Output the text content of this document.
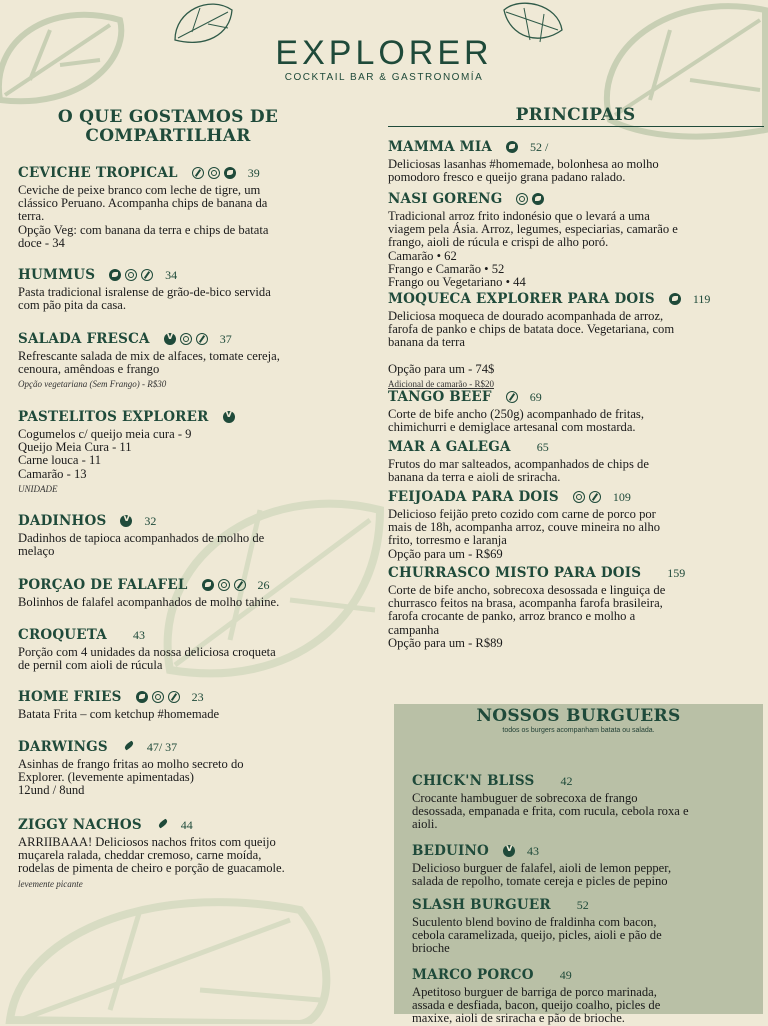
EXPLORER
COCKTAIL BAR & GASTRONOMÍA
O QUE GOSTAMOS DE COMPARTILHAR
CEVICHE TROPICAL	39
Ceviche de peixe branco com leche de tigre, um
clássico Peruano. Acompanha chips de banana da
terra.
Opção Veg: com banana da terra e chips de batata
doce - 34
HUMMUS	34
Pasta tradicional isralense de grão-de-bico servida
com pão pita da casa.
SALADA FRESCA v	37
Refrescante salada de mix de alfaces, tomate cereja,
cenoura, amêndoas e frango
Opção vegetariana (Sem Frango) - R$30
PASTELITOS EXPLORER
v
Cogumelos c/ queijo meia cura - 9
Queijo Meia Cura - 11
Carne louca - 11
Camarão - 13
UNIDADE
DADINHOS v	32
Dadinhos de tapioca acompanhados de molho de
melaço
PORÇAO DE FALAFEL	26
Bolinhos de falafel acompanhados de molho tahine.
CROQUETA 43
Porção com 4 unidades da nossa deliciosa croqueta
de pernil com aioli de rúcula
HOME FRIES	23
Batata Frita – com ketchup #homemade
DARWINGS	47/ 37
Asinhas de frango fritas ao molho secreto do
Explorer. (levemente apimentadas)
12und / 8und
ZIGGY NACHOS	44
ARRIIBAAA! Deliciosos nachos fritos com queijo
muçarela ralada, cheddar cremoso, carne moída,
rodelas de pimenta de cheiro e porção de guacamole.
levemente picante
PRINCIPAIS
MAMMA MIA	52 /
Deliciosas lasanhas #homemade, bolonhesa ao molho
pomodoro fresco e queijo grana padano ralado.
NASI GORENG
Tradicional arroz frito indonésio que o levará a uma
viagem pela Ásia. Arroz, legumes, especiarias, camarão e
frango, aioli de rúcula e crispi de alho poró.
Camarão • 62
Frango e Camarão • 52
Frango ou Vegetariano • 44
MOQUECA EXPLORER PARA DOIS	119
Deliciosa moqueca de dourado acompanhada de arroz,
farofa de panko e chips de batata doce. Vegetariana, com
banana da terra

Opção para um - 74$
Adicional de camarão - R$20
TANGO BEEF	69
Corte de bife ancho (250g) acompanhado de fritas,
chimichurri e demiglace artesanal com mostarda.
MAR A GALEGA 65
Frutos do mar salteados, acompanhados de chips de
banana da terra e aioli de sriracha.
FEIJOADA PARA DOIS	109
Delicioso feijão preto cozido com carne de porco por
mais de 18h, acompanha arroz, couve mineira no alho
frito, torresmo e laranja
Opção para um - R$69
CHURRASCO MISTO PARA DOIS 159
Corte de bife ancho, sobrecoxa desossada e linguiça de
churrasco feitos na brasa, acompanha farofa brasileira,
farofa crocante de panko, arroz branco e molho a
campanha
Opção para um - R$89
NOSSOS BURGUERS
todos os burgers acompanham batata ou salada.
CHICK'N BLISS 42
Crocante hambuguer de sobrecoxa de frango
desossada, empanada e frita, com rucula, cebola roxa e
aioli.
BEDUINO v	43
Delicioso burguer de falafel, aioli de lemon pepper,
salada de repolho, tomate cereja e picles de pepino
SLASH BURGUER 52
Suculento blend bovino de fraldinha com bacon,
cebola caramelizada, queijo, picles, aioli e pão de
brioche
MARCO PORCO 49
Apetitoso burguer de barriga de porco marinada,
assada e desfiada, bacon, queijo coalho, picles de
maxixe, aioli de sriracha e pão de brioche.
